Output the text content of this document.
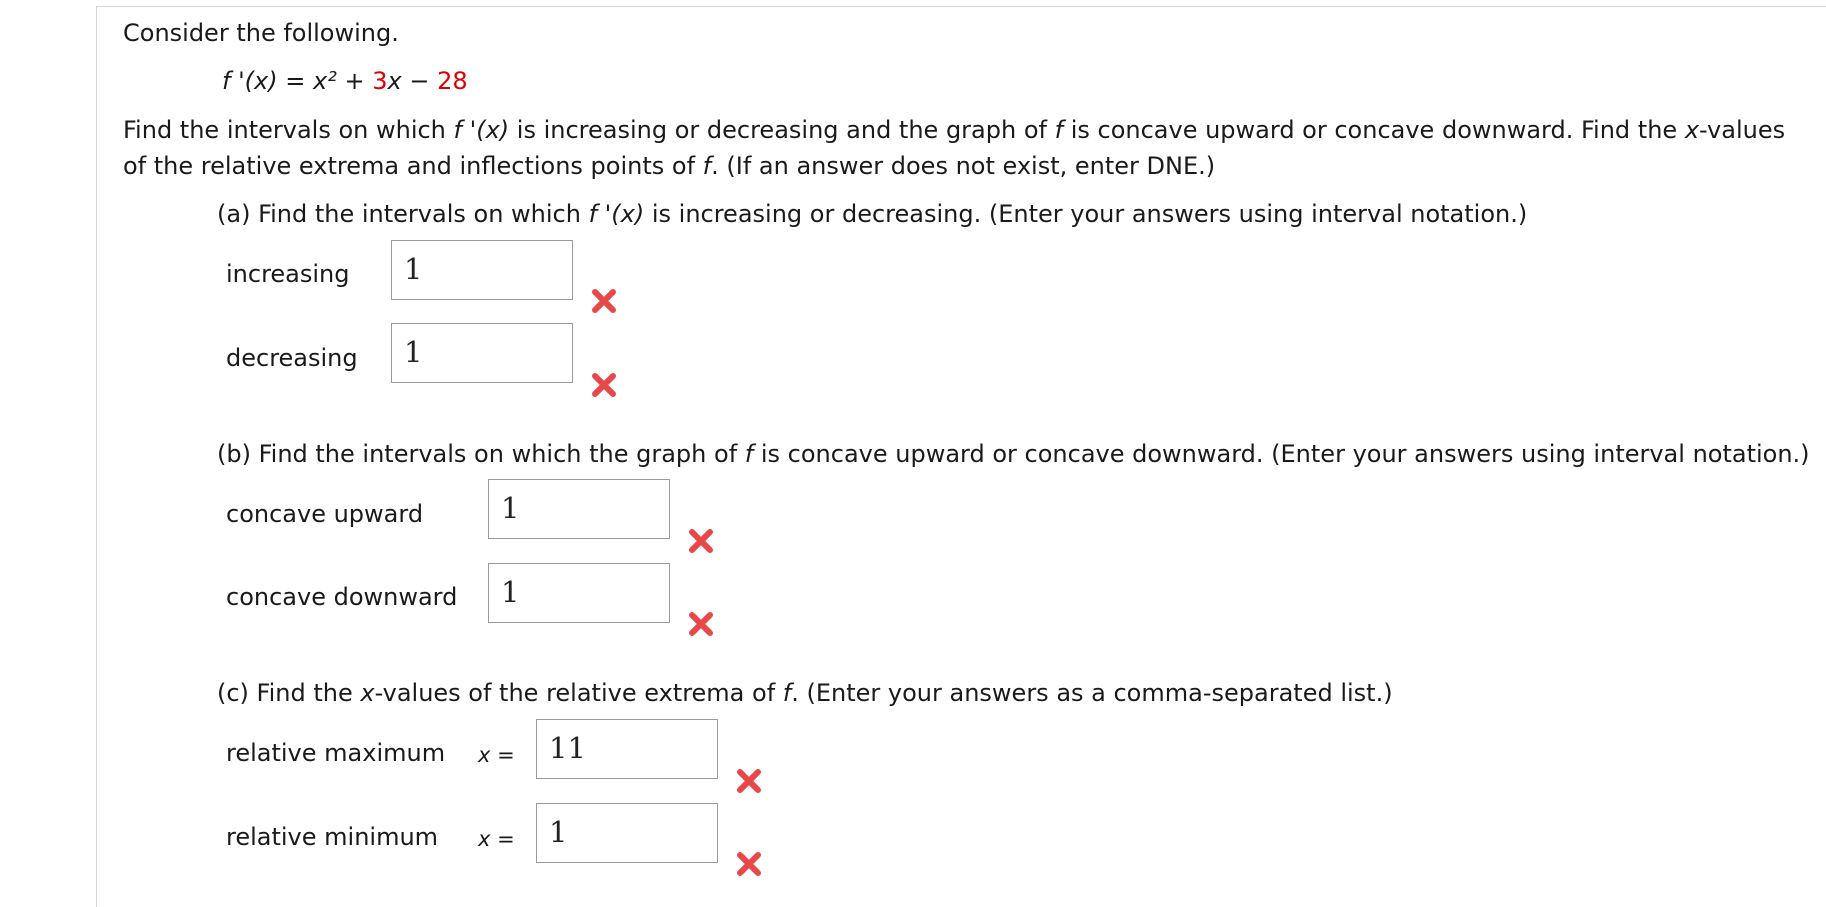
Consider the following.
f '(x) = x² + 3x − 28
Find the intervals on which f '(x) is increasing or decreasing and the graph of f is concave upward or concave downward. Find the x-values
of the relative extrema and inflections points of f. (If an answer does not exist, enter DNE.)
(a) Find the intervals on which f '(x) is increasing or decreasing. (Enter your answers using interval notation.)
increasing	1
decreasing	1
(b) Find the intervals on which the graph of f is concave upward or concave downward. (Enter your answers using interval notation.)
concave upward	1
concave downward	1
(c) Find the x-values of the relative extrema of f. (Enter your answers as a comma-separated list.)
relative maximum x =	11
relative minimum x =	1
